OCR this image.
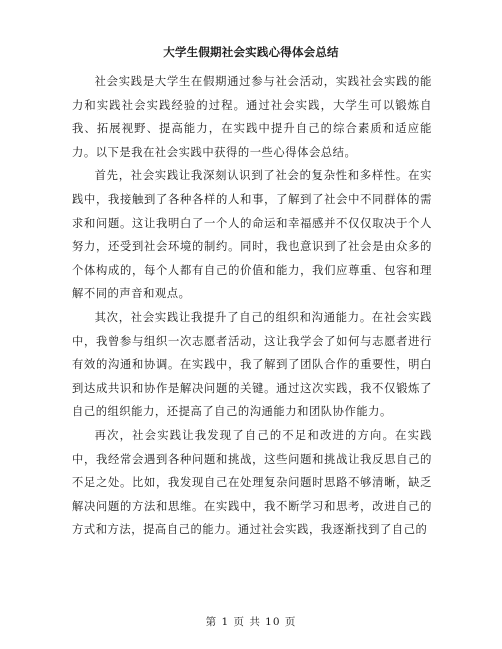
大学生假期社会实践心得体会总结

社会实践是大学生在假期通过参与社会活动，实践社会实践的能力和实践社会实践经验的过程。通过社会实践，大学生可以锻炼自我、拓展视野、提高能力，在实践中提升自己的综合素质和适应能力。以下是我在社会实践中获得的一些心得体会总结。

首先，社会实践让我深刻认识到了社会的复杂性和多样性。在实践中，我接触到了各种各样的人和事，了解到了社会中不同群体的需求和问题。这让我明白了一个人的命运和幸福感并不仅仅取决于个人努力，还受到社会环境的制约。同时，我也意识到了社会是由众多的个体构成的，每个人都有自己的价值和能力，我们应尊重、包容和理解不同的声音和观点。

其次，社会实践让我提升了自己的组织和沟通能力。在社会实践中，我曾参与组织一次志愿者活动，这让我学会了如何与志愿者进行有效的沟通和协调。在实践中，我了解到了团队合作的重要性，明白到达成共识和协作是解决问题的关键。通过这次实践，我不仅锻炼了自己的组织能力，还提高了自己的沟通能力和团队协作能力。

再次，社会实践让我发现了自己的不足和改进的方向。在实践中，我经常会遇到各种问题和挑战，这些问题和挑战让我反思自己的不足之处。比如，我发现自己在处理复杂问题时思路不够清晰，缺乏解决问题的方法和思维。在实践中，我不断学习和思考，改进自己的方式和方法，提高自己的能力。通过社会实践，我逐渐找到了自己的

第 1 页 共 10 页
